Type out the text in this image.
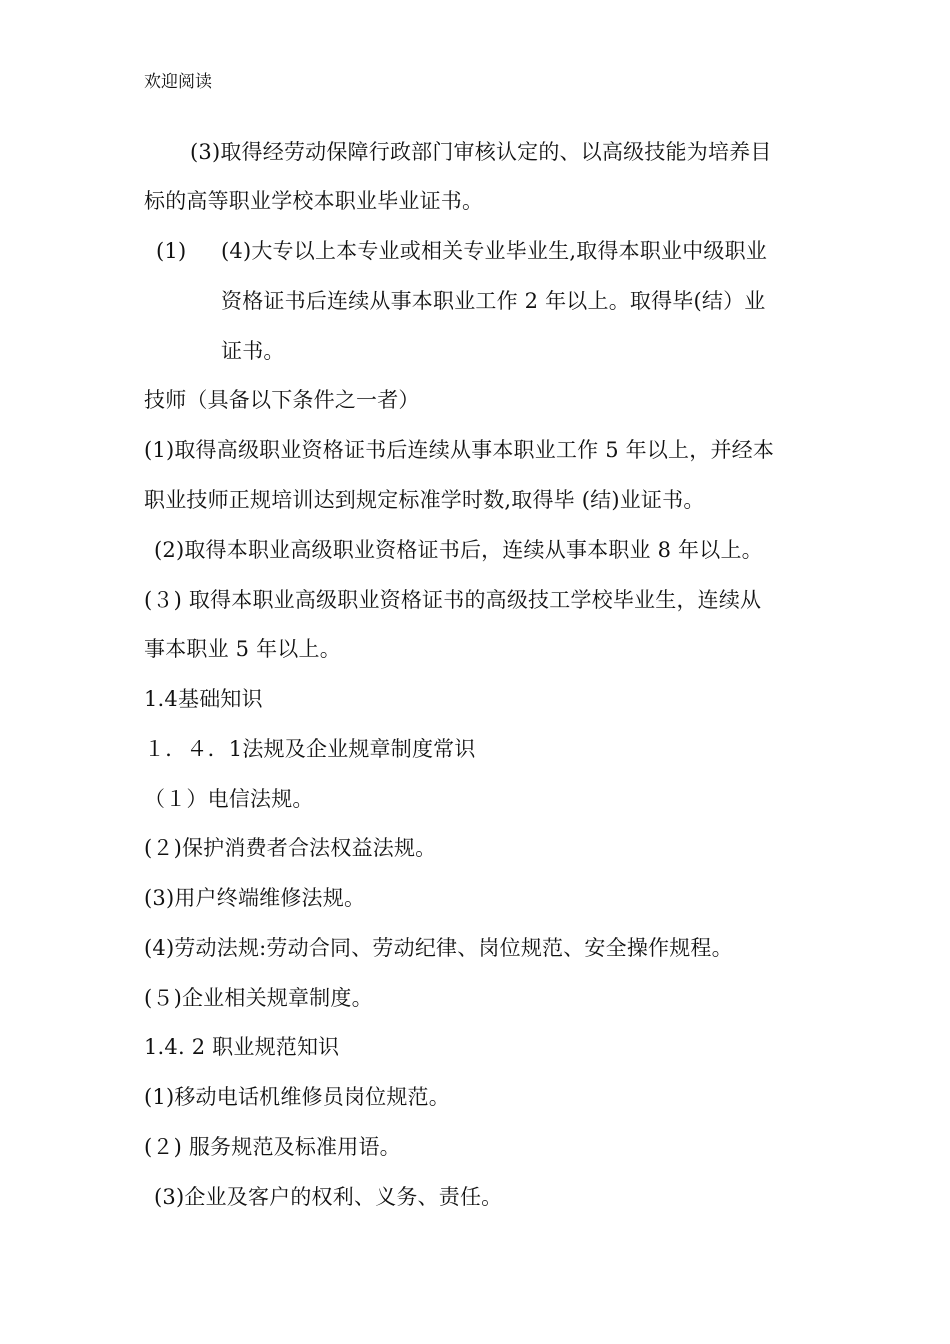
欢迎阅读
(3)取得经劳动保障行政部门审核认定的、以高级技能为培养目
标的高等职业学校本职业毕业证书。
(1) (4)大专以上本专业或相关专业毕业生,取得本职业中级职业
资格证书后连续从事本职业工作 2 年以上。取得毕(结）业
证书。
技师（具备以下条件之一者）
(1)取得高级职业资格证书后连续从事本职业工作 5 年以上，并经本
职业技师正规培训达到规定标准学时数,取得毕 (结)业证书。
(2)取得本职业高级职业资格证书后，连续从事本职业 8 年以上。
(３) 取得本职业高级职业资格证书的高级技工学校毕业生，连续从
事本职业 5 年以上。
1.4基础知识
１．４．1法规及企业规章制度常识
（１）电信法规。
(２)保护消费者合法权益法规。
(3)用户终端维修法规。
(4)劳动法规:劳动合同、劳动纪律、岗位规范、安全操作规程。
(５)企业相关规章制度。
1.4. 2 职业规范知识
(1)移动电话机维修员岗位规范。
(２) 服务规范及标准用语。
(3)企业及客户的权利、义务、责任。
